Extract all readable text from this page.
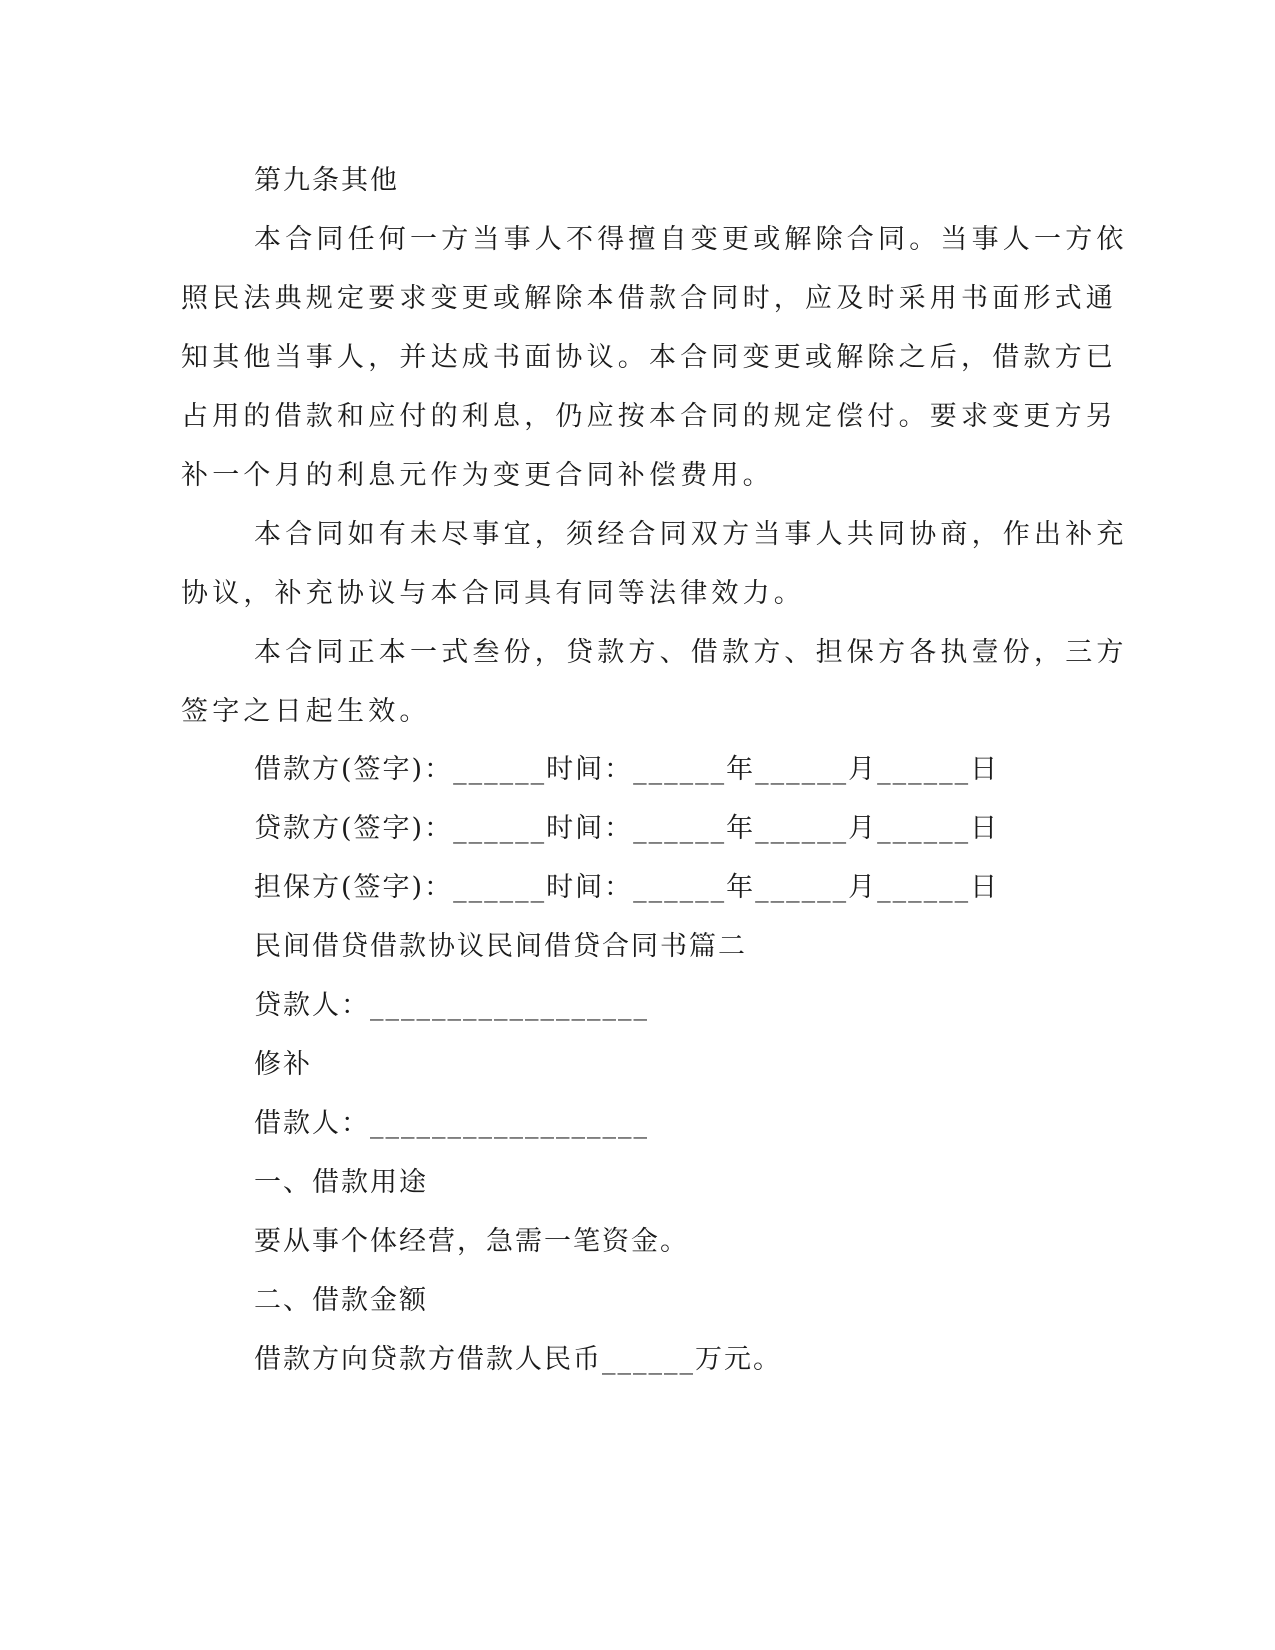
第九条其他
本合同任何一方当事人不得擅自变更或解除合同。当事人一方依
照民法典规定要求变更或解除本借款合同时，应及时采用书面形式通
知其他当事人，并达成书面协议。本合同变更或解除之后，借款方已
占用的借款和应付的利息，仍应按本合同的规定偿付。要求变更方另
补一个月的利息元作为变更合同补偿费用。
本合同如有未尽事宜，须经合同双方当事人共同协商，作出补充
协议，补充协议与本合同具有同等法律效力。
本合同正本一式叁份，贷款方、借款方、担保方各执壹份，三方
签字之日起生效。
借款方(签字)：______时间：______年______月______日
贷款方(签字)：______时间：______年______月______日
担保方(签字)：______时间：______年______月______日
民间借贷借款协议民间借贷合同书篇二
贷款人：__________________
修补
借款人：__________________
一、借款用途
要从事个体经营，急需一笔资金。
二、借款金额
借款方向贷款方借款人民币______万元。
